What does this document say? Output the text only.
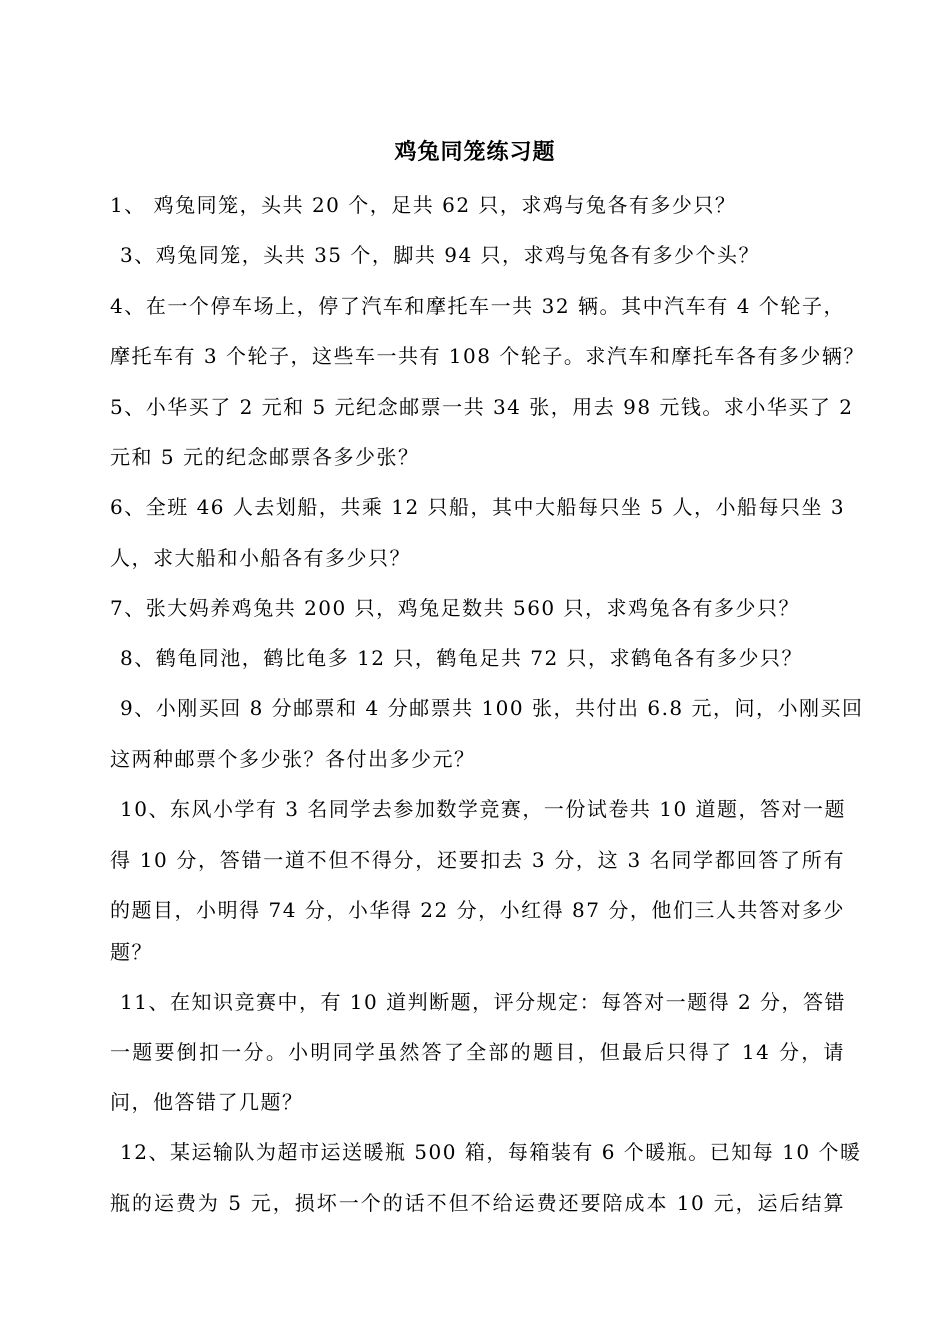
鸡兔同笼练习题
1、 鸡兔同笼，头共 20 个，足共 62 只，求鸡与兔各有多少只？
3、鸡兔同笼，头共 35 个，脚共 94 只，求鸡与兔各有多少个头？
4、在一个停车场上，停了汽车和摩托车一共 32 辆。其中汽车有 4 个轮子，
摩托车有 3 个轮子，这些车一共有 108 个轮子。求汽车和摩托车各有多少辆？
5、小华买了 2 元和 5 元纪念邮票一共 34 张，用去 98 元钱。求小华买了 2
元和 5 元的纪念邮票各多少张？
6、全班 46 人去划船，共乘 12 只船，其中大船每只坐 5 人，小船每只坐 3
人，求大船和小船各有多少只？
7、张大妈养鸡兔共 200 只，鸡兔足数共 560 只，求鸡兔各有多少只？
8、鹤龟同池，鹤比龟多 12 只，鹤龟足共 72 只，求鹤龟各有多少只？
9、小刚买回 8 分邮票和 4 分邮票共 100 张，共付出 6.8 元，问，小刚买回
这两种邮票个多少张？各付出多少元？
10、东风小学有 3 名同学去参加数学竞赛，一份试卷共 10 道题，答对一题
得 10 分，答错一道不但不得分，还要扣去 3 分，这 3 名同学都回答了所有
的题目，小明得 74 分，小华得 22 分，小红得 87 分，他们三人共答对多少
题？
11、在知识竞赛中，有 10 道判断题，评分规定：每答对一题得 2 分，答错
一题要倒扣一分。小明同学虽然答了全部的题目，但最后只得了 14 分，请
问，他答错了几题？
12、某运输队为超市运送暖瓶 500 箱，每箱装有 6 个暖瓶。已知每 10 个暖
瓶的运费为 5 元，损坏一个的话不但不给运费还要陪成本 10 元，运后结算
